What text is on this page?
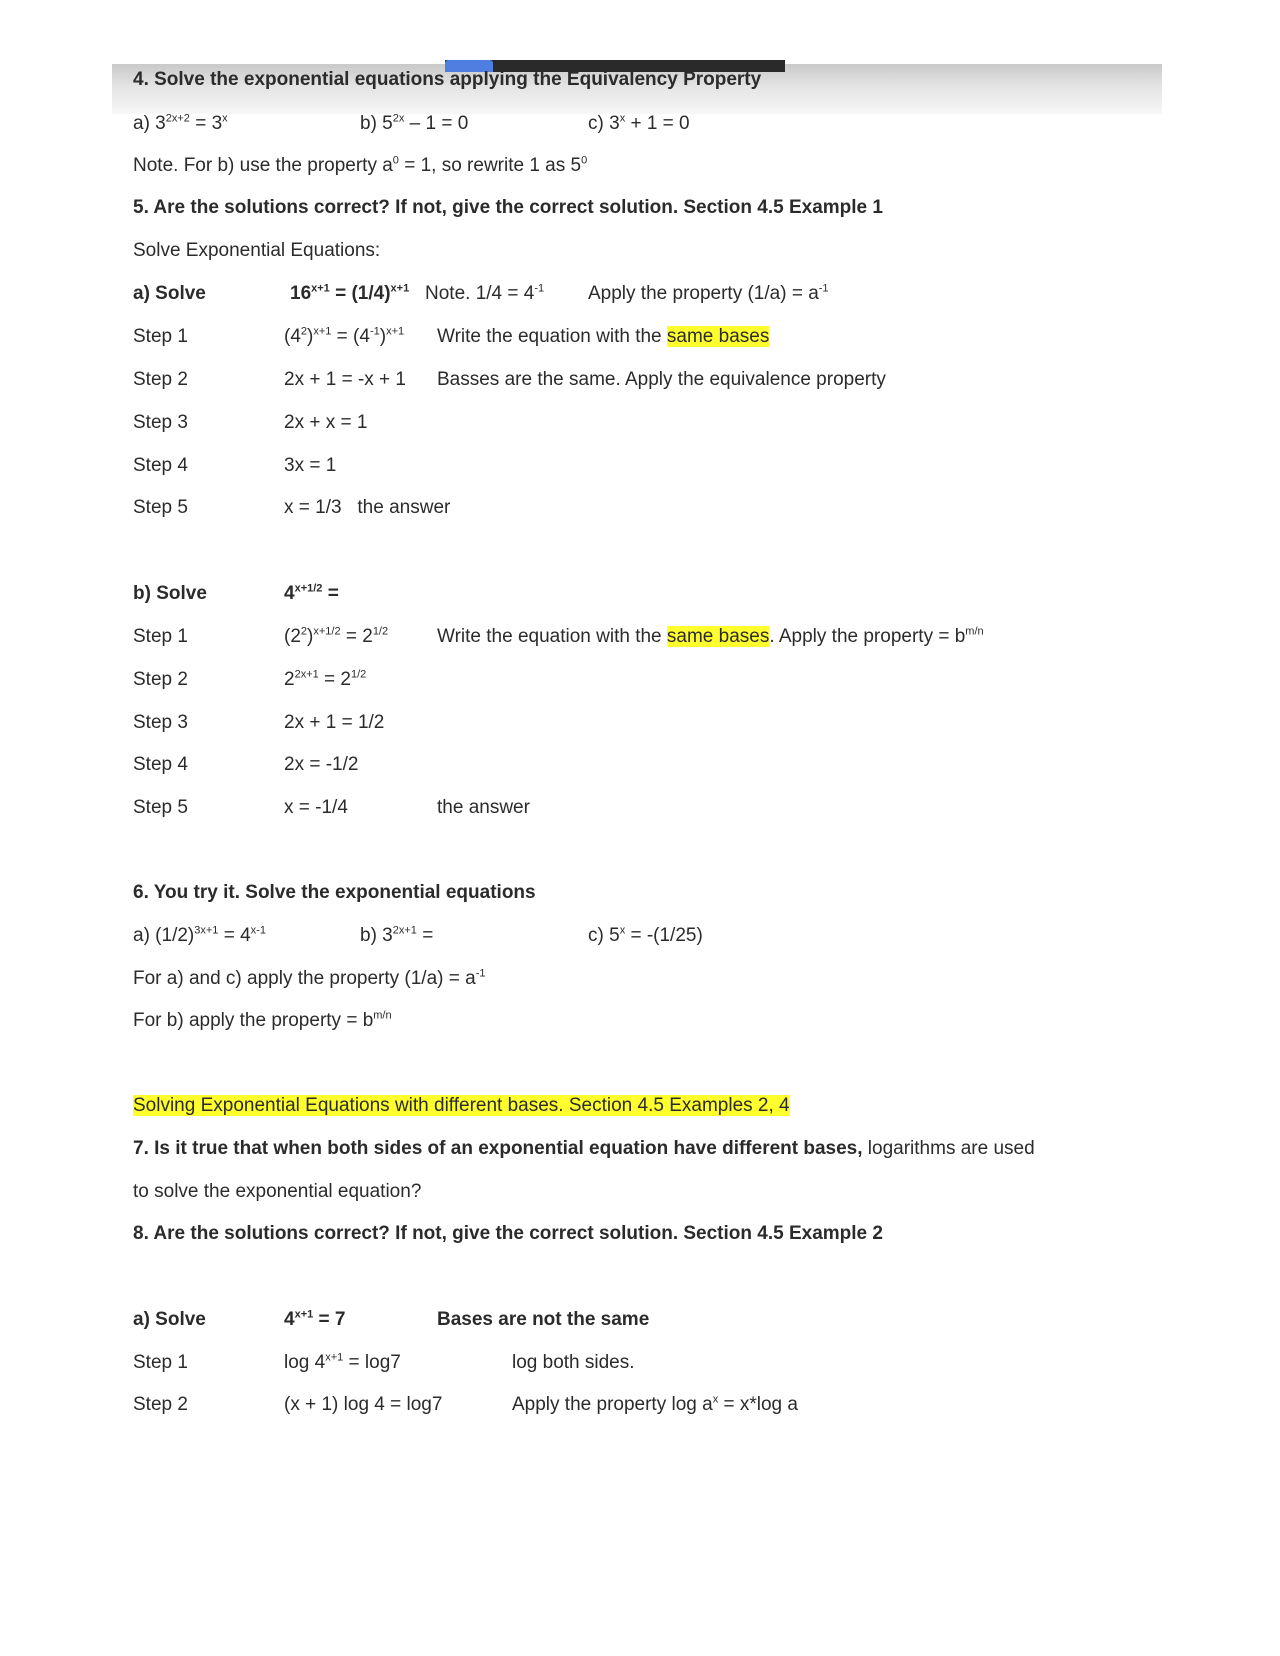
4. Solve the exponential equations applying the Equivalency Property
a) $3^{2x+2} = 3^x$	b) $5^{2x} - 1 = 0$	c) $3^x + 1 = 0$
Note. For b) use the property $a^0 = 1$, so rewrite 1 as $5^0$
5. Are the solutions correct? If not, give the correct solution. Section 4.5 Example 1
Solve Exponential Equations:
a) Solve	$16^{x+1} = (1/4)^{x+1}$ Note. $1/4 = 4^{-1}$ Apply the property $(1/a) = a^{-1}$
Step 1	$(4^2)^{x+1} = (4^{-1})^{x+1}$ Write the equation with the same bases
Step 2	2x + 1 = -x + 1 Basses are the same. Apply the equivalence property
Step 3	2x + x = 1
Step 4	3x = 1
Step 5	x = 1/3   the answer
b) Solve	$4^{x+1/2}$ =
Step 1	$(2^2)^{x+1/2} = 2^{1/2}$	Write the equation with the same bases. Apply the property = $b^{m/n}$
Step 2	$2^{2x+1} = 2^{1/2}$
Step 3	2x + 1 = 1/2
Step 4	2x = -1/2
Step 5	x = -1/4	the answer
6. You try it. Solve the exponential equations
a) $(1/2)^{3x+1} = 4^{x-1}$	b) $3^{2x+1}$ =	c) $5^x = -(1/25)$
For a) and c) apply the property $(1/a) = a^{-1}$
For b) apply the property = $b^{m/n}$
Solving Exponential Equations with different bases. Section 4.5 Examples 2, 4
7. Is it true that when both sides of an exponential equation have different bases, logarithms are used
to solve the exponential equation?
8. Are the solutions correct? If not, give the correct solution. Section 4.5 Example 2
a) Solve	$4^{x+1} = 7$	Bases are not the same
Step 1	$\log 4^{x+1} = \log 7$	log both sides.
Step 2	(x + 1) log 4 = log7	Apply the property $\log a^x = x*\log$ a
